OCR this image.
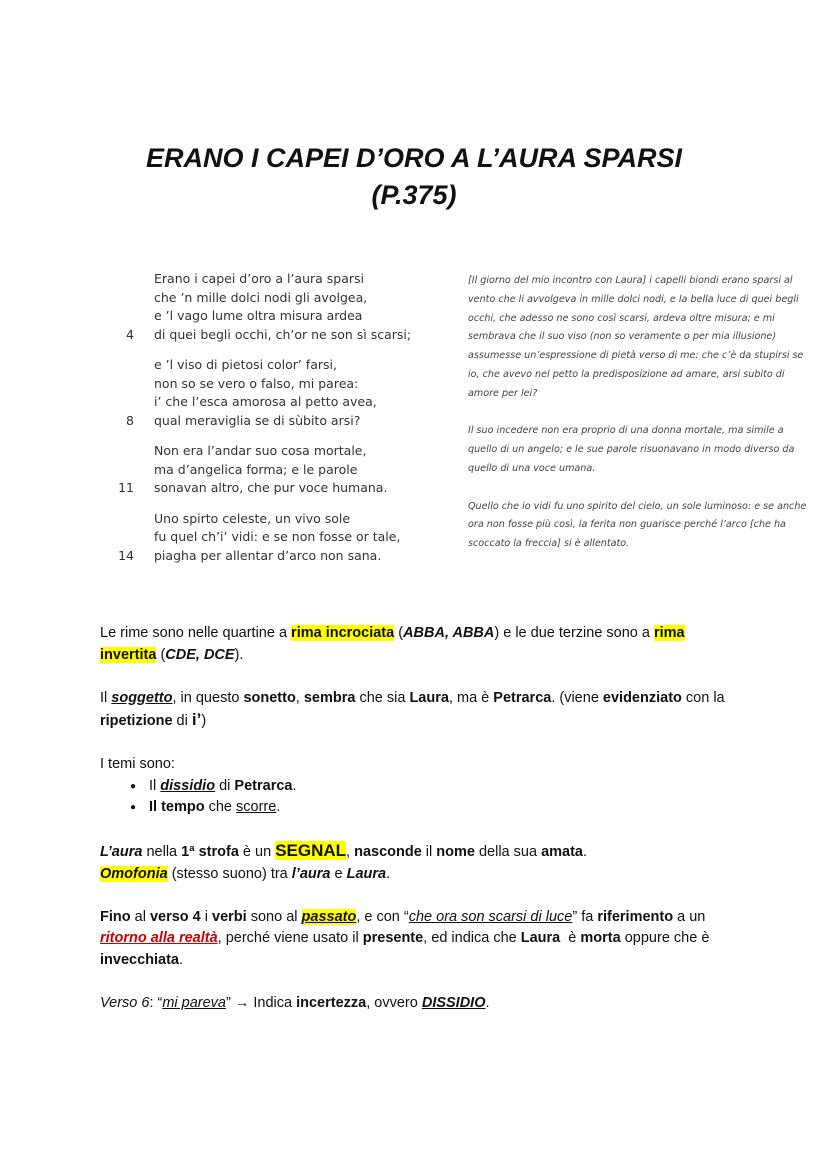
ERANO I CAPEI D’ORO A L’AURA SPARSI
(P.375)
Erano i capei d’oro a l’aura sparsi
che ’n mille dolci nodi gli avolgea,
e ’l vago lume oltra misura ardea
4 di quei begli occhi, ch’or ne son sì scarsi;
e ’l viso di pietosi color’ farsi,
non so se vero o falso, mi parea:
i’ che l’esca amorosa al petto avea,
8 qual meraviglia se di sùbito arsi?
Non era l’andar suo cosa mortale,
ma d’angelica forma; e le parole
11 sonavan altro, che pur voce humana.
Uno spirto celeste, un vivo sole
fu quel ch’i’ vidi: e se non fosse or tale,
14 piagha per allentar d’arco non sana.

[Il giorno del mio incontro con Laura] i capelli biondi erano sparsi al vento che li avvolgeva in mille dolci nodi, e la bella luce di quei begli occhi, che adesso ne sono così scarsi, ardeva oltre misura; e mi sembrava che il suo viso (non so veramente o per mia illusione) assumesse un’espressione di pietà verso di me: che c’è da stupirsi se io, che avevo nel petto la predisposizione ad amare, arsi subito di amore per lei?

Il suo incedere non era proprio di una donna mortale, ma simile a quello di un angelo; e le sue parole risuonavano in modo diverso da quello di una voce umana.

Quello che io vidi fu uno spirito del cielo, un sole luminoso: e se anche ora non fosse più così, la ferita non guarisce perché l’arco [che ha scoccato la freccia] si è allentato.

Le rime sono nelle quartine a rima incrociata (ABBA, ABBA) e le due terzine sono a rima invertita (CDE, DCE).

Il soggetto, in questo sonetto, sembra che sia Laura, ma è Petrarca. (viene evidenziato con la ripetizione di i’)

I temi sono:
● Il dissidio di Petrarca.
● Il tempo che scorre.

L’aura nella 1ª strofa è un SEGNAL, nasconde il nome della sua amata.
Omofonia (stesso suono) tra l’aura e Laura.

Fino al verso 4 i verbi sono al passato, e con “che ora son scarsi di luce” fa riferimento a un ritorno alla realtà, perché viene usato il presente, ed indica che Laura  è morta oppure che è invecchiata.

Verso 6: “mi pareva” → Indica incertezza, ovvero DISSIDIO.
